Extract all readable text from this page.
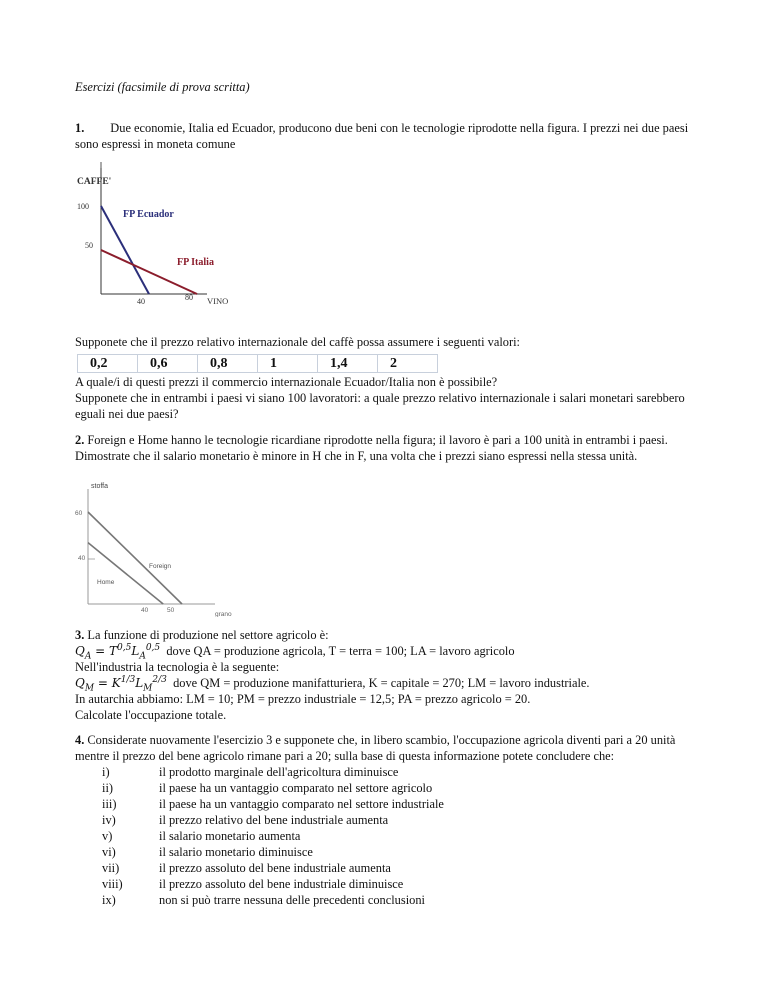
Esercizi (facsimile di prova scritta)

1. Due economie, Italia ed Ecuador, producono due beni con le tecnologie riprodotte nella figura. I prezzi nei due paesi sono espressi in moneta comune

CAFFE'
100
50
40	80 VINO
FP Ecuador
FP Italia

Supponete che il prezzo relativo internazionale del caffè possa assumere i seguenti valori:

0,2	0,6	0,8	1	1,4	2

A quale/i di questi prezzi il commercio internazionale Ecuador/Italia non è possibile?

Supponete che in entrambi i paesi vi siano 100 lavoratori: a quale prezzo relativo internazionale i salari monetari sarebbero eguali nei due paesi?

2. Foreign e Home hanno le tecnologie ricardiane riprodotte nella figura; il lavoro è pari a 100 unità in entrambi i paesi. Dimostrate che il salario monetario è minore in H che in F, una volta che i prezzi siano espressi nella stessa unità.

stoffa
60
40
40	50
grano
Foreign
Home

3. La funzione di produzione nel settore agricolo è:

$Q_A = T^{0,5}L_A^{0,5}$ dove QA = produzione agricola, T = terra = 100; LA = lavoro agricolo

Nell'industria la tecnologia è la seguente:

$Q_M = K^{1/3}L_M^{2/3}$ dove QM = produzione manifatturiera, K = capitale = 270; LM = lavoro industriale.

In autarchia abbiamo: LM = 10; PM = prezzo industriale = 12,5; PA = prezzo agricolo = 20.

Calcolate l'occupazione totale.

4. Considerate nuovamente l'esercizio 3 e supponete che, in libero scambio, l'occupazione agricola diventi pari a 20 unità mentre il prezzo del bene agricolo rimane pari a 20; sulla base di questa informazione potete concludere che:

i)	il prodotto marginale dell'agricoltura diminuisce
ii)	il paese ha un vantaggio comparato nel settore agricolo
iii)	il paese ha un vantaggio comparato nel settore industriale
iv)	il prezzo relativo del bene industriale aumenta
v)	il salario monetario aumenta
vi)	il salario monetario diminuisce
vii)	il prezzo assoluto del bene industriale aumenta
viii)	il prezzo assoluto del bene industriale diminuisce
ix)	non si può trarre nessuna delle precedenti conclusioni
